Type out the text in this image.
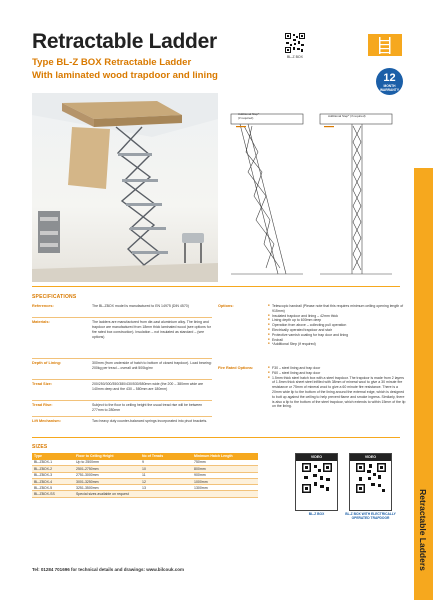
Retractable Ladder
Type BL-Z BOX Retractable Ladder
With laminated wood trapdoor and lining
BL-Z BOX
12
MONTH
WARRANTY
Additional Step*
(if required)	Additional Step* (if required)
Retractable Ladders
SPECIFICATIONS
References:	The BL-ZBOX model is manufactured to EN 14975 (DIN 4570)
Materials:	The ladders are manufactured from die-cast aluminium alloy. The lining and trapdoor are manufactured from 18mm thick laminated wood (see options for fire rated box construction). Insulation – not insulated as standard – (see options)
Depth of Lining:	300mm (from underside of hatch to bottom of closed trapdoor). Load bearing: 200kg per tread – overall unit 500kg/m²
Tread Size:	200/250/300/350/380/430/530/580mm wide (the 200 – 380mm wide are 140mm deep and the 430 – 580mm are 180mm)
Tread Rise:	Subject to the floor to ceiling height the usual tread rise will be between 277mm to 280mm
Lift Mechanism:	Two heavy duty counter-balanced springs incorporated into pivot brackets.
Options:	■ Telescopic handrail (Please note that this requires minimum ceiling opening length of 915mm)
■ Insulated trapdoor and lining – 42mm thick
■ Lining depth up to 600mm deep
■ Operation from above – collecting pull operation
■ Electrically operated trapdoor and stair
■ Protective varnish coating for trap door and lining
■ Endrail
■ *Additional Step (if required)
Fire Rated Options:	■ F30 – steel lining and trap door
■ F60 – steel lining and trap door
■ 1.5mm thick steel hatch box with a steel trapdoor. The trapdoor is made from 2 layers of 1.5mm thick sheet steel infilled with 38mm of mineral wool to give a 30 minute fire resistance or 75mm of mineral wool to give a 60 minute fire resistance. There is a 20mm wide lip to the bottom of the lining around the external edge, which is designed to butt up against the ceiling to help prevent flame and smoke ingress. Similarly, there is also a lip to the bottom of the steel trapdoor, which extends to within 15mm of the lip on the lining.
SIZES
Type	Floor to Ceiling Height	No of Treads	Minimum Hatch Length
BL-ZBOX-1	Up to 2500mm	9	750mm
BL-ZBOX-2	2501-2750mm	10	800mm
BL-ZBOX-3	2751-3000mm	11	900mm
BL-ZBOX-4	3001-3250mm	12	1000mm
BL-ZBOX-5	3251-3500mm	13	1300mm
BL-ZBOX-SS	Special sizes available on request		
VIDEO
BL-Z BOX
VIDEO
BL-Z BOX WITH ELECTRICALLY OPERATED TRAPDOOR
Tel: 01284 701696 for technical details and drawings: www.bilcouk.com
